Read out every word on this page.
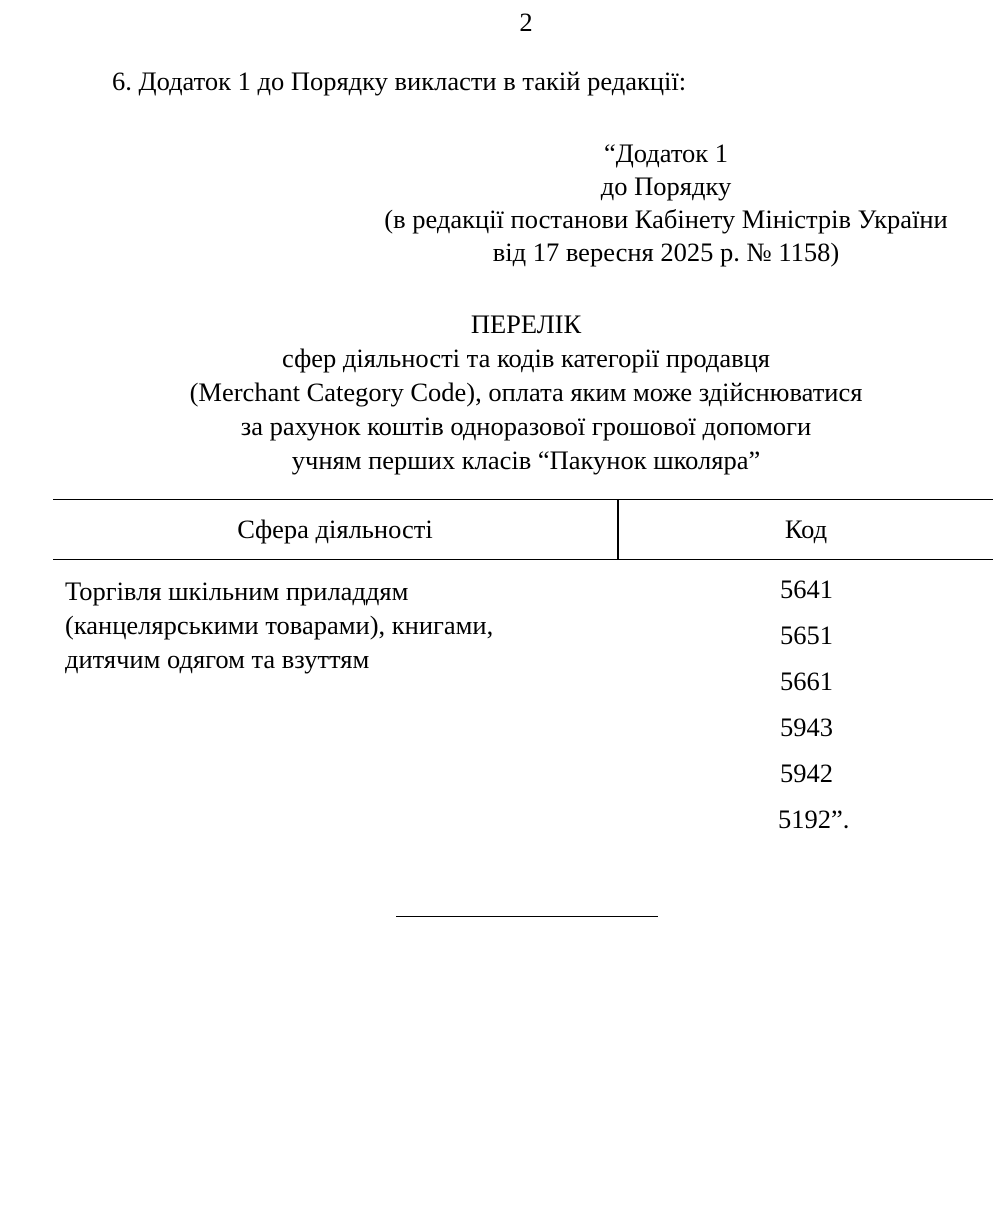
2
6. Додаток 1 до Порядку викласти в такій редакції:
“Додаток 1
до Порядку
(в редакції постанови Кабінету Міністрів України
від 17 вересня 2025 р. № 1158)
ПЕРЕЛІК
сфер діяльності та кодів категорії продавця
(Merchant Category Code), оплата яким може здійснюватися
за рахунок коштів одноразової грошової допомоги
учням перших класів “Пакунок школяра”
Сфера діяльності	Код
Торгівля шкільним приладдям
(канцелярськими товарами), книгами,
дитячим одягом та взуттям
5641
5651
5661
5943
5942
5192”.
